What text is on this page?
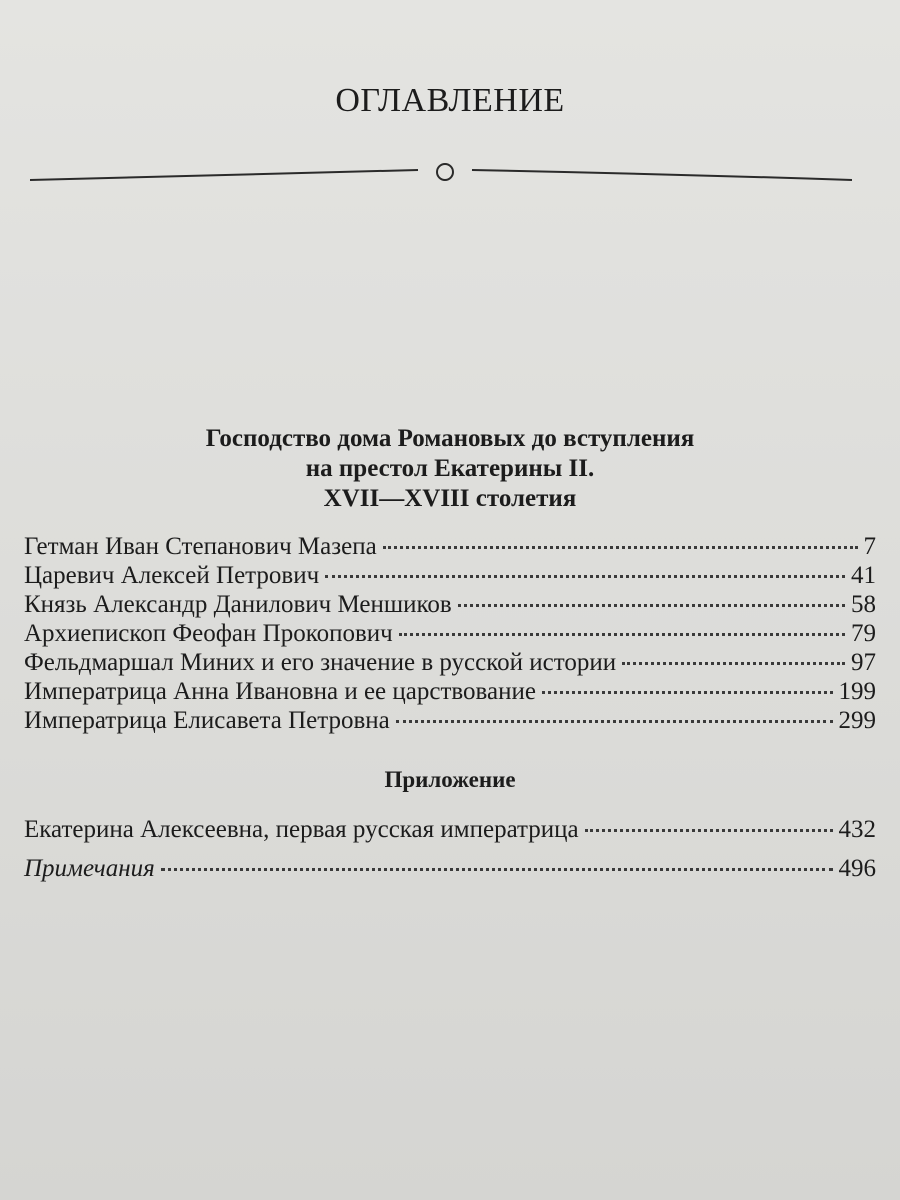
ОГЛАВЛЕНИЕ
Господство дома Романовых до вступления
на престол Екатерины II.
XVII—XVIII столетия
Гетман Иван Степанович Мазепа	7
Царевич Алексей Петрович	41
Князь Александр Данилович Меншиков	58
Архиепископ Феофан Прокопович	79
Фельдмаршал Миних и его значение в русской истории	97
Императрица Анна Ивановна и ее царствование	199
Императрица Елисавета Петровна	299
Приложение
Екатерина Алексеевна, первая русская императрица	432
Примечания	496
